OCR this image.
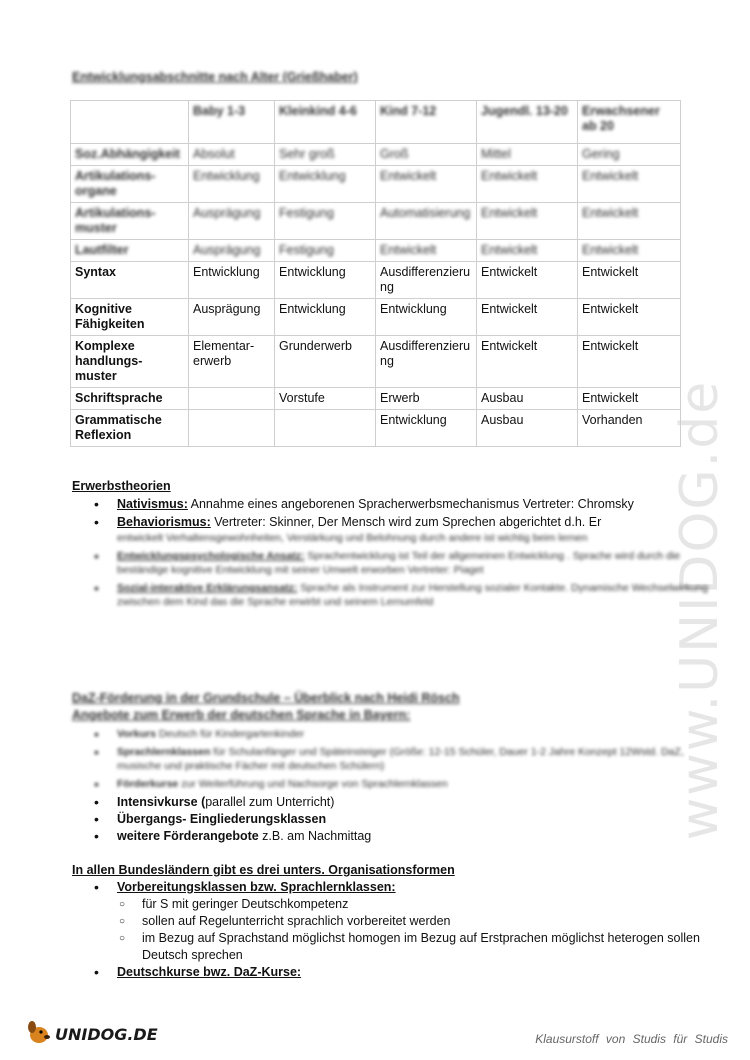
www.UNIDOG.de
Entwicklungsabschnitte nach Alter (Grießhaber)
	Baby 1-3	Kleinkind 4-6	Kind 7-12	Jugendl. 13-20	Erwachsener ab 20
Soz.Abhängigkeit	Absolut	Sehr groß	Groß	Mittel	Gering
Artikulations-organe	Entwicklung	Entwicklung	Entwickelt	Entwickelt	Entwickelt
Artikulations-muster	Ausprägung	Festigung	Automatisierung	Entwickelt	Entwickelt
Lautfilter	Ausprägung	Festigung	Entwickelt	Entwickelt	Entwickelt
Syntax	Entwicklung	Entwicklung	Ausdifferenzierung	Entwickelt	Entwickelt
Kognitive Fähigkeiten	Ausprägung	Entwicklung	Entwicklung	Entwickelt	Entwickelt
Komplexe handlungs-muster	Elementar-erwerb	Grunderwerb	Ausdifferenzierung	Entwickelt	Entwickelt
Schriftsprache		Vorstufe	Erwerb	Ausbau	Entwickelt
Grammatische Reflexion			Entwicklung	Ausbau	Vorhanden
Erwerbstheorien
• Nativismus: Annahme eines angeborenen Spracherwerbsmechanismus Vertreter: Chromsky
• Behaviorismus: Vertreter: Skinner, Der Mensch wird zum Sprechen abgerichtet d.h. Er
entwickelt Verhaltensgewohnheiten, Verstärkung und Belohnung durch andere ist wichtig beim lernen
• Entwicklungspsychologische Ansatz: Sprachentwicklung ist Teil der allgemeinen Entwicklung . Sprache wird durch die beständige kognitive Entwicklung mit seiner Umwelt erworben Vertreter: Piaget
• Sozial-interaktive Erklärungsansatz: Sprache als Instrument zur Herstellung sozialer Kontakte. Dynamische Wechselwirkung zwischen dem Kind das die Sprache erwirbt und seinem Lernumfeld
DaZ-Förderung in der Grundschule – Überblick nach Heidi Rösch
Angebote zum Erwerb der deutschen Sprache in Bayern:
• Vorkurs Deutsch für Kindergartenkinder
• Sprachlernklassen für Schulanfänger und Späteinsteiger (Größe: 12-15 Schüler, Dauer 1-2 Jahre Konzept 12Wstd. DaZ, musische und praktische Fächer mit deutschen Schülern)
• Förderkurse zur Weiterführung und Nachsorge von Sprachlernklassen
• Intensivkurse (parallel zum Unterricht)
• Übergangs- Eingliederungsklassen
• weitere Förderangebote z.B. am Nachmittag
In allen Bundesländern gibt es drei unters. Organisationsformen
• Vorbereitungsklassen bzw. Sprachlernklassen:
○ für S mit geringer Deutschkompetenz
○ sollen auf Regelunterricht sprachlich vorbereitet werden
○ im Bezug auf Sprachstand möglichst homogen im Bezug auf Erstprachen möglichst heterogen sollen Deutsch sprechen
• Deutschkurse bwz. DaZ-Kurse:
UNIDOG.DE	Klausurstoff von Studis für Studis
